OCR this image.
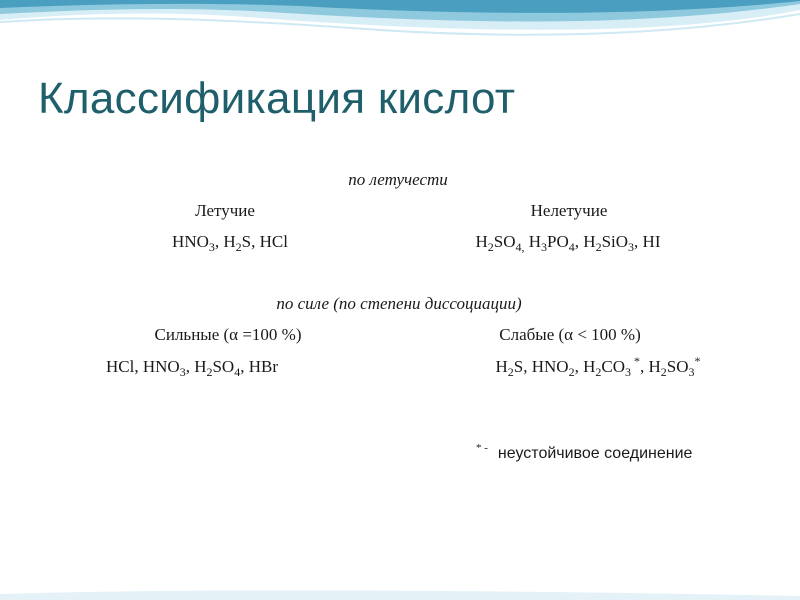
Классификация кислот
по летучести
Летучие	Нелетучие
$HNO_3$, $H_2S$, HCl	$H_2SO_{4,}$ $H_3PO_4$, $H_2SiO_3$, HI
по силе (по степени диссоциации)
Сильные (α =100 %)	Слабые (α < 100 %)
HCl, $HNO_3$, $H_2SO_4$, HBr	$H_2S$, $HNO_2$, $H_2CO_3$ *, $H_2SO_3^*$
* - неустойчивое соединение
